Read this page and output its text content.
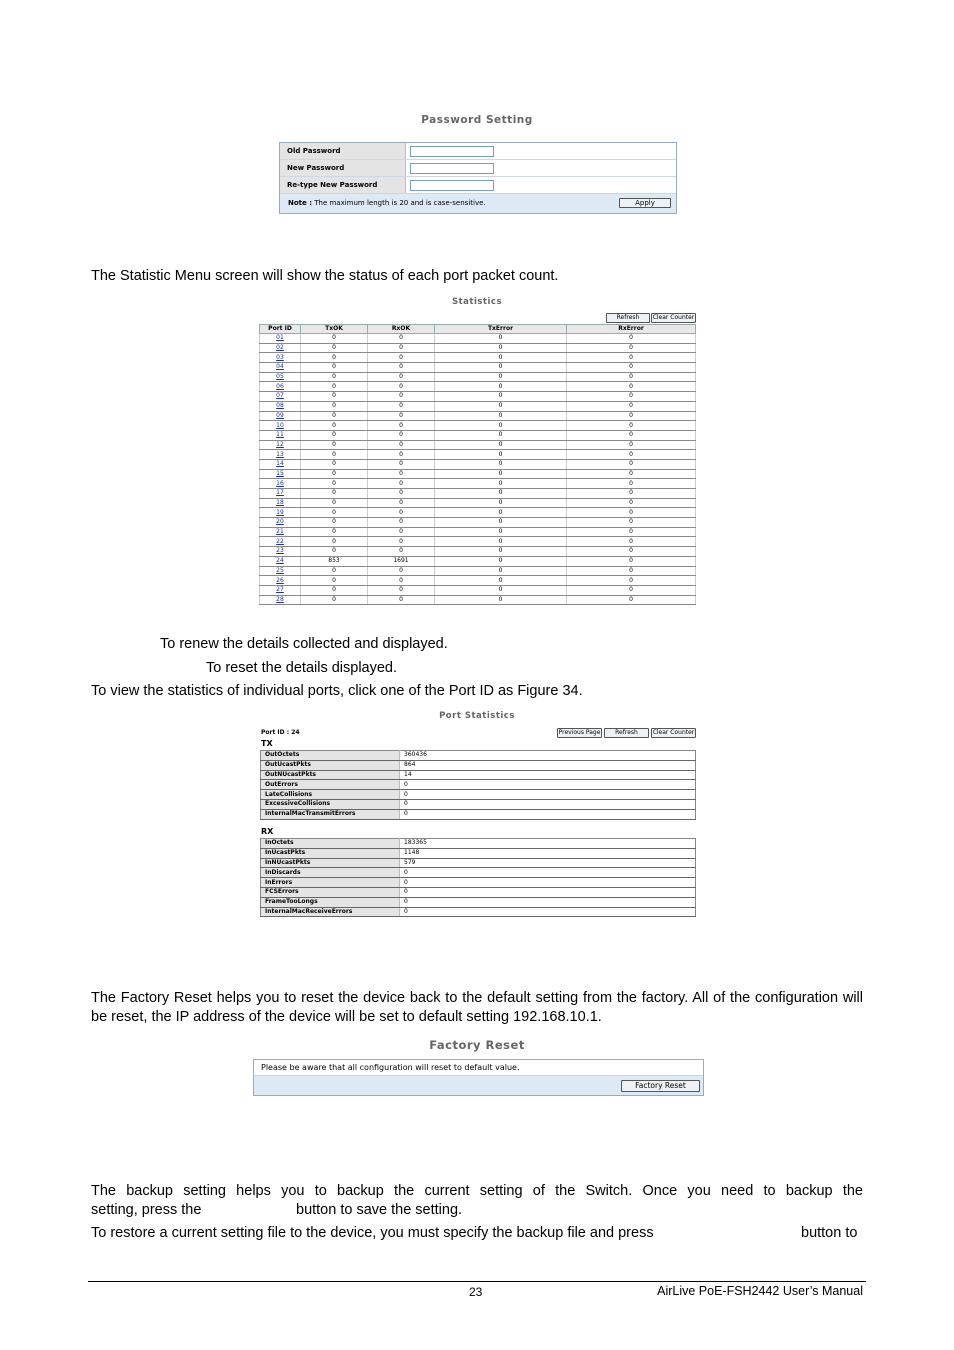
Password Setting
Old Password
New Password
Re-type New Password
Note : The maximum length is 20 and is case-sensitive.	Apply
The Statistic Menu screen will show the status of each port packet count.
Statistics
Refresh	Clear Counter
Port ID	TxOK	RxOK	TxError	RxError
01	0	0	0	0
02	0	0	0	0
03	0	0	0	0
04	0	0	0	0
05	0	0	0	0
06	0	0	0	0
07	0	0	0	0
08	0	0	0	0
09	0	0	0	0
10	0	0	0	0
11	0	0	0	0
12	0	0	0	0
13	0	0	0	0
14	0	0	0	0
15	0	0	0	0
16	0	0	0	0
17	0	0	0	0
18	0	0	0	0
19	0	0	0	0
20	0	0	0	0
21	0	0	0	0
22	0	0	0	0
23	0	0	0	0
24	853	1691	0	0
25	0	0	0	0
26	0	0	0	0
27	0	0	0	0
28	0	0	0	0
To renew the details collected and displayed.
To reset the details displayed.
To view the statistics of individual ports, click one of the Port ID as Figure 34.
Port Statistics
Port ID : 24	Previous Page	Refresh	Clear Counter
TX
OutOctets	360436
OutUcastPkts	864
OutNUcastPkts	14
OutErrors	0
LateCollisions	0
ExcessiveCollisions	0
InternalMacTransmitErrors	0
RX
InOctets	183365
InUcastPkts	1148
InNUcastPkts	579
InDiscards	0
InErrors	0
FCSErrors	0
FrameTooLongs	0
InternalMacReceiveErrors	0
The Factory Reset helps you to reset the device back to the default setting from the factory. All of the configuration will be reset, the IP address of the device will be set to default setting 192.168.10.1.
Factory Reset
Please be aware that all configuration will reset to default value.
Factory Reset
The backup setting helps you to backup the current setting of the Switch. Once you need to backup the
setting, press the	button to save the setting.
To restore a current setting file to the device, you must specify the backup file and press	button to
23	AirLive PoE-FSH2442 User’s Manual
